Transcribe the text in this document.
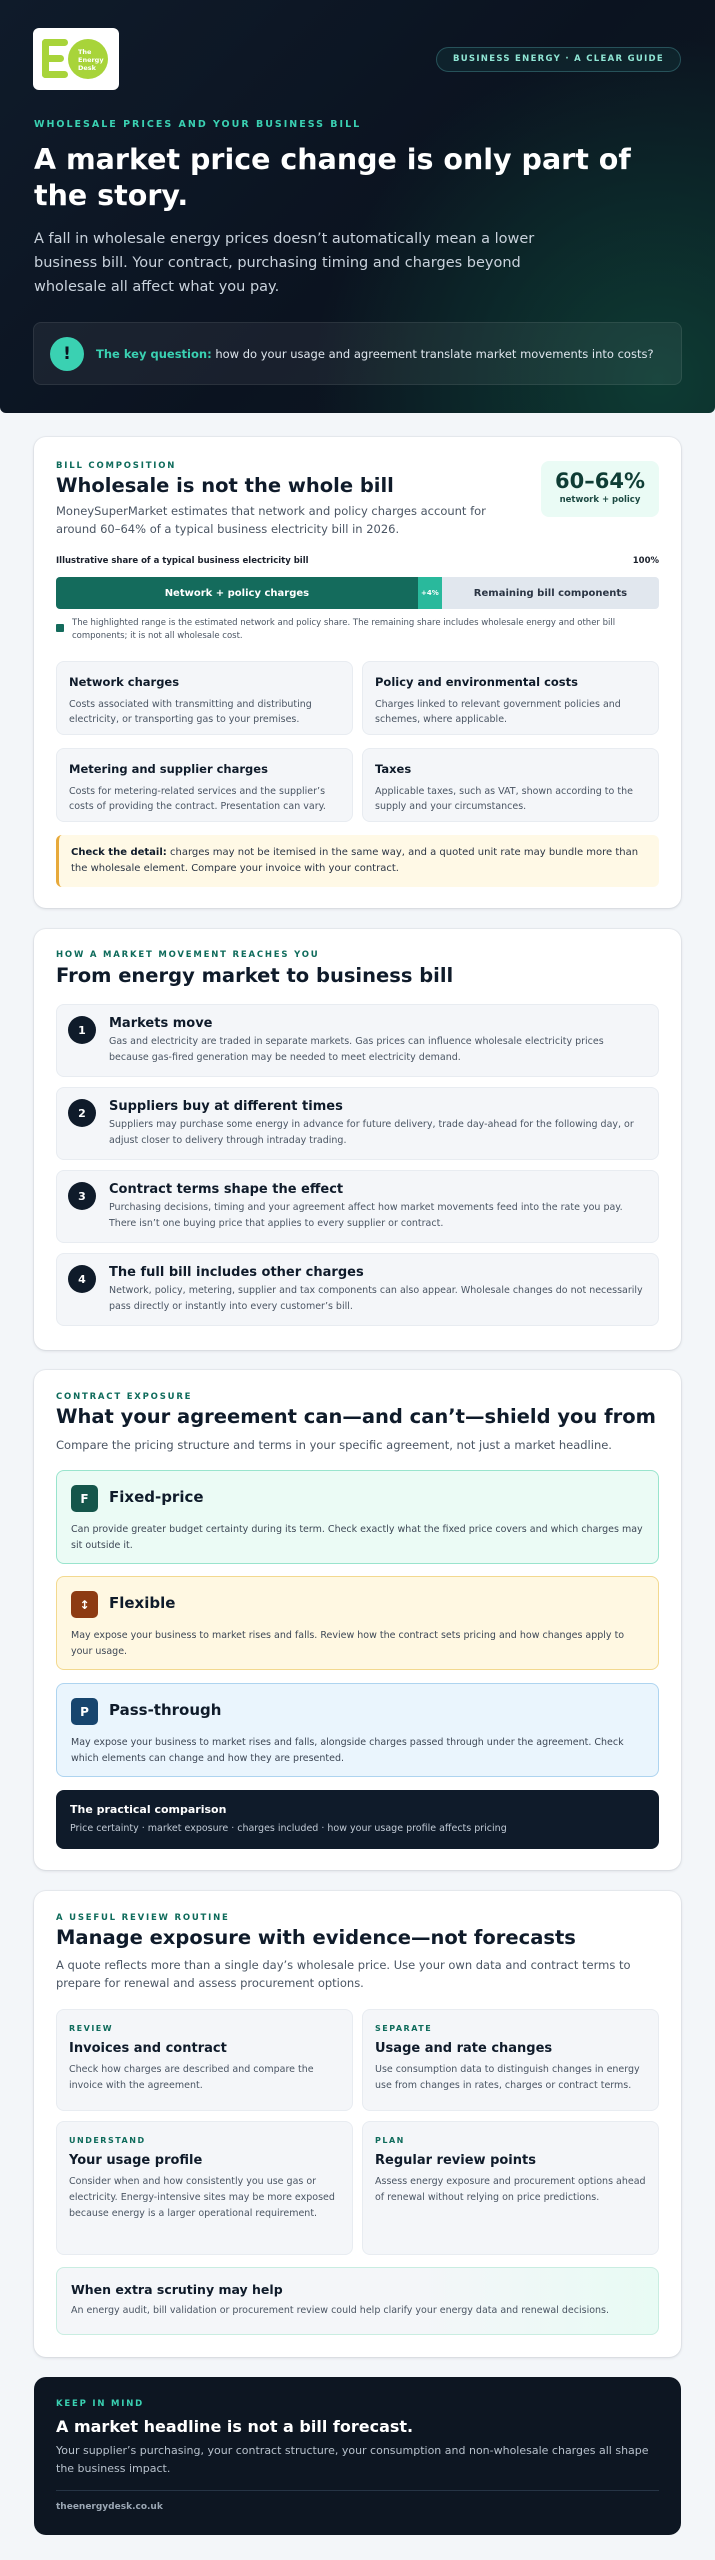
The
Energy
Desk
BUSINESS ENERGY · A CLEAR GUIDE
WHOLESALE PRICES AND YOUR BUSINESS BILL
A market price change is only part of the story.

A fall in wholesale energy prices doesn’t automatically mean a lower business bill. Your contract, purchasing timing and charges beyond wholesale all affect what you pay.

!	The key question: how do your usage and agreement translate market movements into costs?
BILL COMPOSITION
Wholesale is not the whole bill

MoneySuperMarket estimates that network and policy charges account for around 60–64% of a typical business electricity bill in 2026.

60–64%
network + policy
Illustrative share of a typical business electricity bill	100%
Network + policy charges	+4%	Remaining bill components
The highlighted range is the estimated network and policy share. The remaining share includes wholesale energy and other bill components; it is not all wholesale cost.
Network charges

Costs associated with transmitting and distributing electricity, or transporting gas to your premises.

Policy and environmental costs

Charges linked to relevant government policies and schemes, where applicable.

Metering and supplier charges

Costs for metering-related services and the supplier’s costs of providing the contract. Presentation can vary.

Taxes

Applicable taxes, such as VAT, shown according to the supply and your circumstances.

Check the detail: charges may not be itemised in the same way, and a quoted unit rate may bundle more than the wholesale element. Compare your invoice with your contract.
HOW A MARKET MOVEMENT REACHES YOU
From energy market to business bill
1	Markets move

Gas and electricity are traded in separate markets. Gas prices can influence wholesale electricity prices because gas-fired generation may be needed to meet electricity demand.

2	Suppliers buy at different times

Suppliers may purchase some energy in advance for future delivery, trade day-ahead for the following day, or adjust closer to delivery through intraday trading.

3	Contract terms shape the effect

Purchasing decisions, timing and your agreement affect how market movements feed into the rate you pay. There isn’t one buying price that applies to every supplier or contract.

4	The full bill includes other charges

Network, policy, metering, supplier and tax components can also appear. Wholesale changes do not necessarily pass directly or instantly into every customer’s bill.

CONTRACT EXPOSURE
What your agreement can—and can’t—shield you from

Compare the pricing structure and terms in your specific agreement, not just a market headline.

F	Fixed-price

Can provide greater budget certainty during its term. Check exactly what the fixed price covers and which charges may sit outside it.

↕	Flexible

May expose your business to market rises and falls. Review how the contract sets pricing and how changes apply to your usage.

P	Pass-through

May expose your business to market rises and falls, alongside charges passed through under the agreement. Check which elements can change and how they are presented.

The practical comparison

Price certainty · market exposure · charges included · how your usage profile affects pricing

A USEFUL REVIEW ROUTINE
Manage exposure with evidence—not forecasts

A quote reflects more than a single day’s wholesale price. Use your own data and contract terms to prepare for renewal and assess procurement options.

REVIEW
Invoices and contract

Check how charges are described and compare the invoice with the agreement.

SEPARATE
Usage and rate changes

Use consumption data to distinguish changes in energy use from changes in rates, charges or contract terms.

UNDERSTAND
Your usage profile

Consider when and how consistently you use gas or electricity. Energy-intensive sites may be more exposed because energy is a larger operational requirement.

PLAN
Regular review points

Assess energy exposure and procurement options ahead of renewal without relying on price predictions.

When extra scrutiny may help

An energy audit, bill validation or procurement review could help clarify your energy data and renewal decisions.

KEEP IN MIND
A market headline is not a bill forecast.

Your supplier’s purchasing, your contract structure, your consumption and non-wholesale charges all shape the business impact.

theenergydesk.co.uk
